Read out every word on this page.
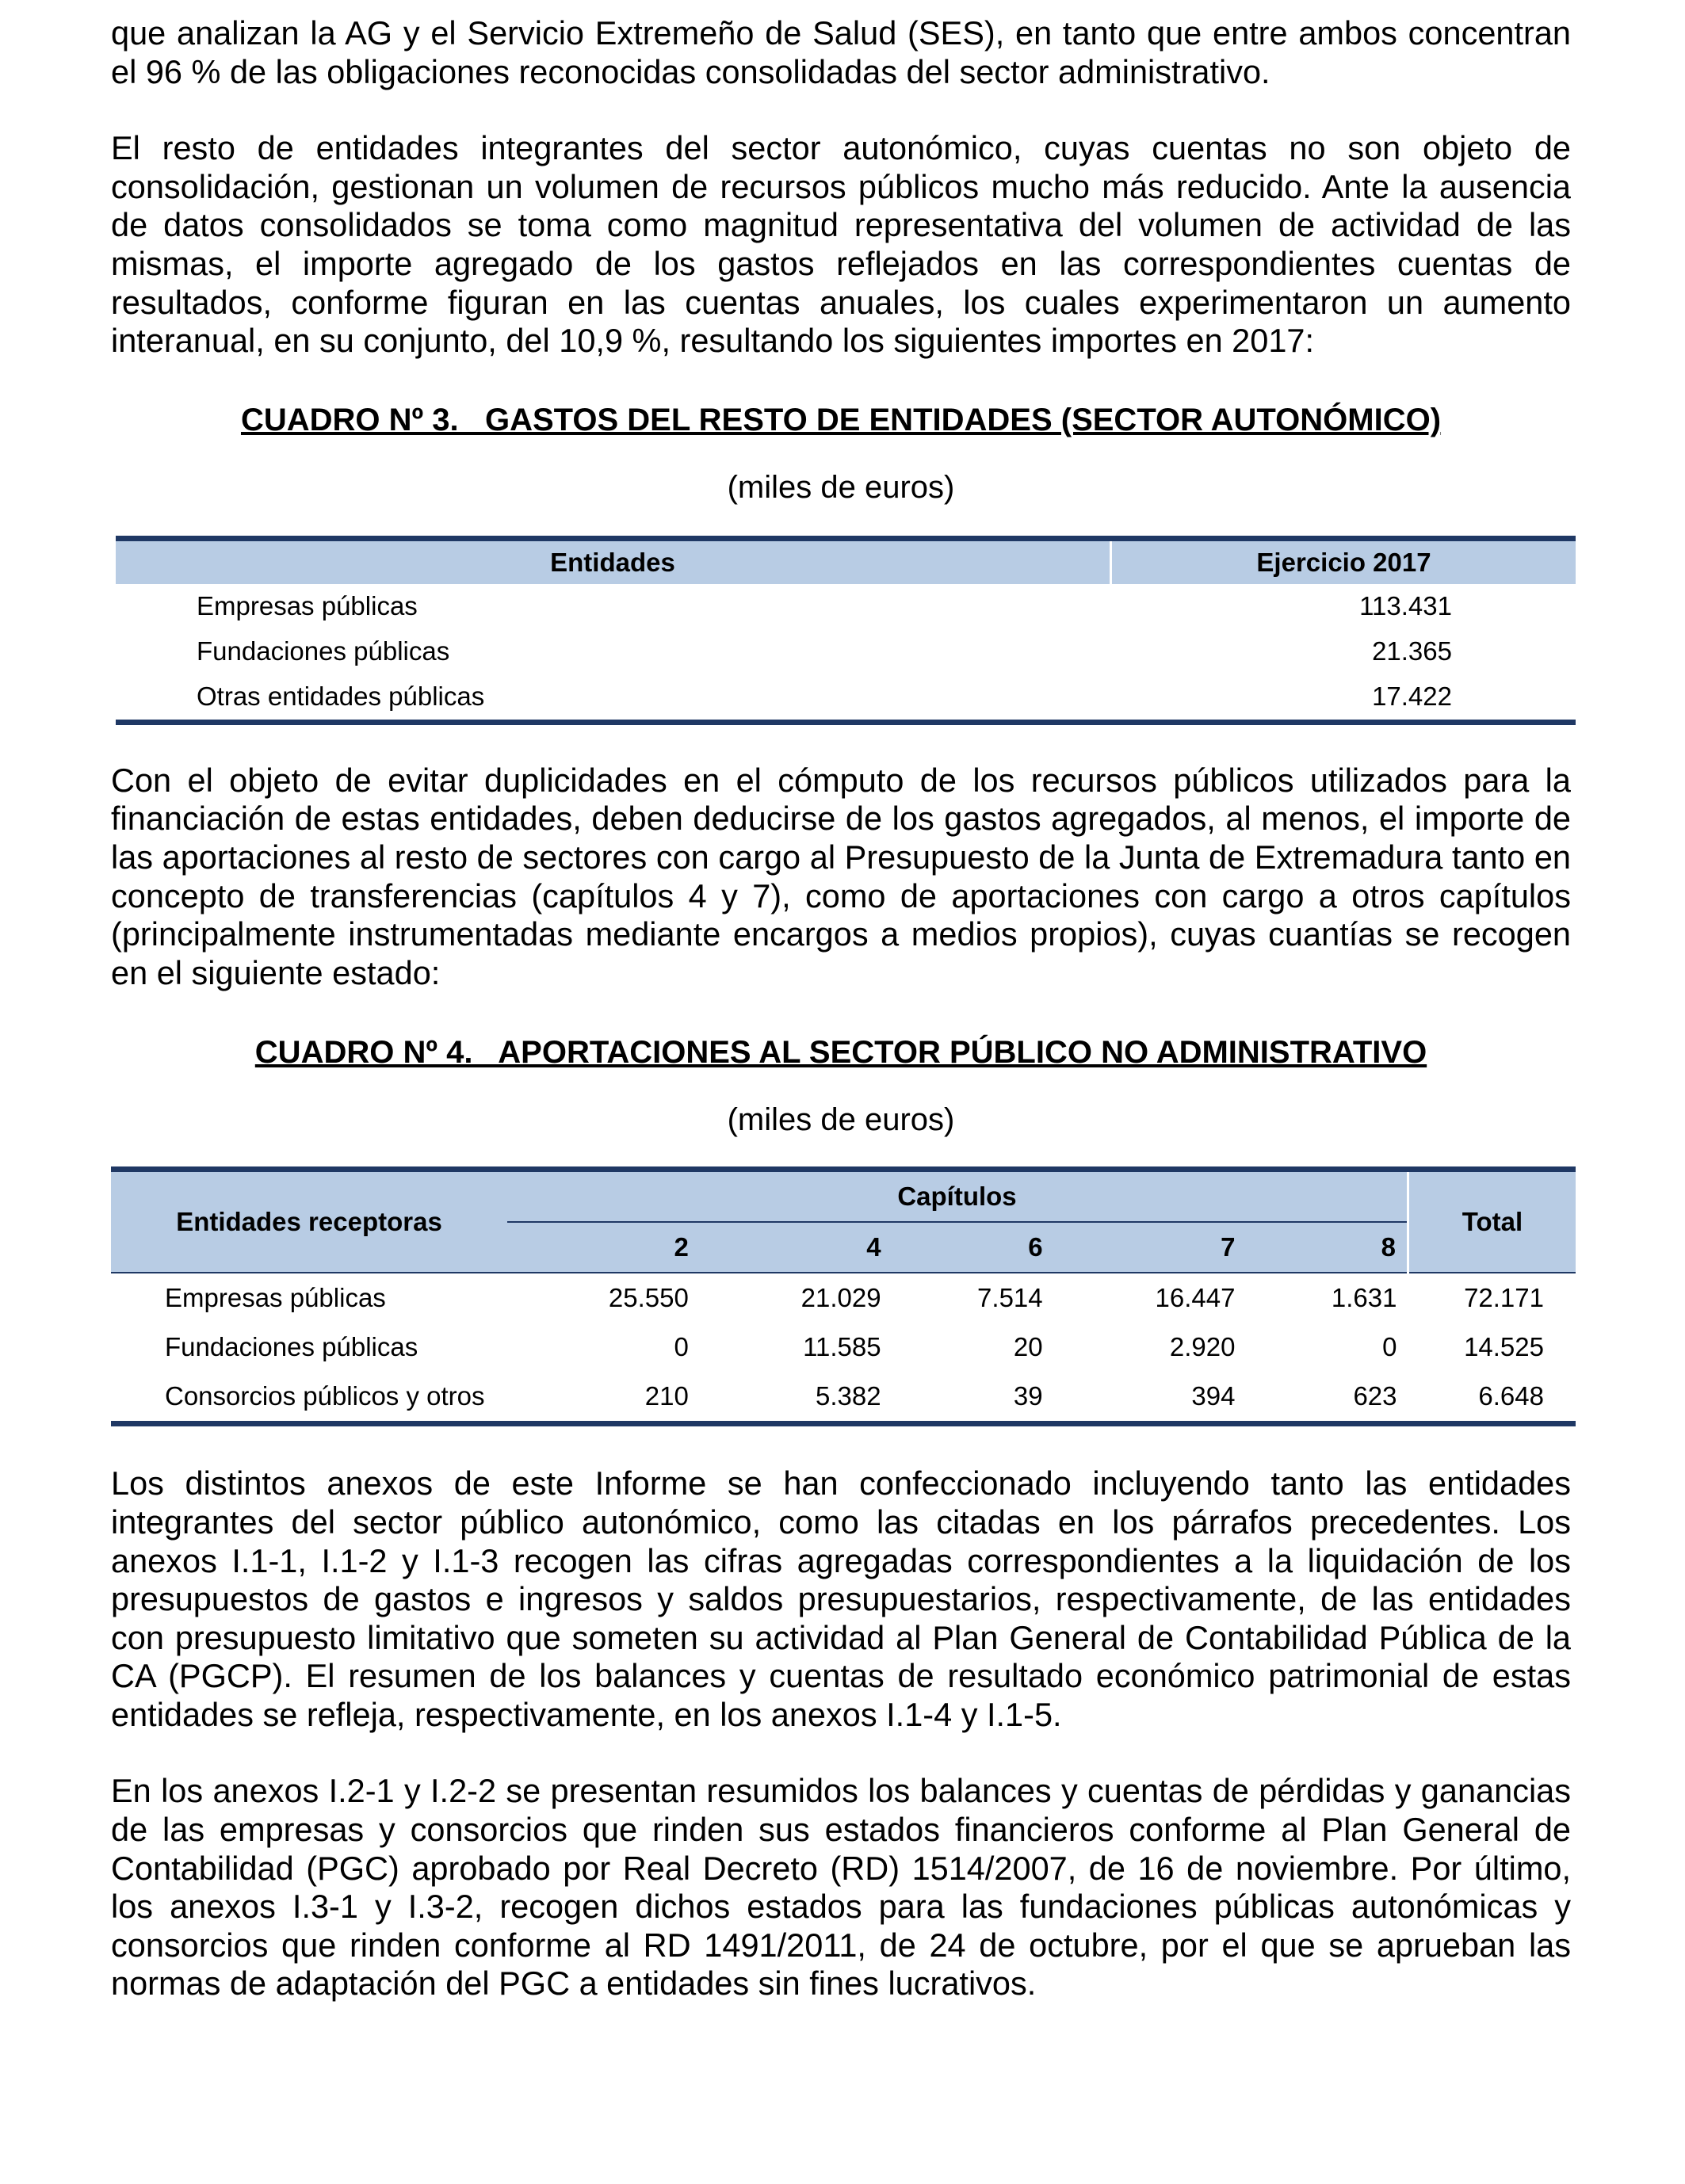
que analizan la AG y el Servicio Extremeño de Salud (SES), en tanto que entre ambos concentran el 96 % de las obligaciones reconocidas consolidadas del sector administrativo.

El resto de entidades integrantes del sector autonómico, cuyas cuentas no son objeto de consolidación, gestionan un volumen de recursos públicos mucho más reducido. Ante la ausencia de datos consolidados se toma como magnitud representativa del volumen de actividad de las mismas, el importe agregado de los gastos reflejados en las correspondientes cuentas de resultados, conforme figuran en las cuentas anuales, los cuales experimentaron un aumento interanual, en su conjunto, del 10,9 %, resultando los siguientes importes en 2017:

CUADRO Nº 3.   GASTOS DEL RESTO DE ENTIDADES (SECTOR AUTONÓMICO)

(miles de euros)

Entidades	Ejercicio 2017
Empresas públicas	113.431
Fundaciones públicas	21.365
Otras entidades públicas	17.422

Con el objeto de evitar duplicidades en el cómputo de los recursos públicos utilizados para la financiación de estas entidades, deben deducirse de los gastos agregados, al menos, el importe de las aportaciones al resto de sectores con cargo al Presupuesto de la Junta de Extremadura tanto en concepto de transferencias (capítulos 4 y 7), como de aportaciones con cargo a otros capítulos (principalmente instrumentadas mediante encargos a medios propios), cuyas cuantías se recogen en el siguiente estado:

CUADRO Nº 4.   APORTACIONES AL SECTOR PÚBLICO NO ADMINISTRATIVO

(miles de euros)

Entidades receptoras	Capítulos					Total
	2	4	6	7	8	
Empresas públicas	25.550	21.029	7.514	16.447	1.631	72.171
Fundaciones públicas	0	11.585	20	2.920	0	14.525
Consorcios públicos y otros	210	5.382	39	394	623	6.648

Los distintos anexos de este Informe se han confeccionado incluyendo tanto las entidades integrantes del sector público autonómico, como las citadas en los párrafos precedentes. Los anexos I.1-1, I.1-2 y I.1-3 recogen las cifras agregadas correspondientes a la liquidación de los presupuestos de gastos e ingresos y saldos presupuestarios, respectivamente, de las entidades con presupuesto limitativo que someten su actividad al Plan General de Contabilidad Pública de la CA (PGCP). El resumen de los balances y cuentas de resultado económico patrimonial de estas entidades se refleja, respectivamente, en los anexos I.1-4 y I.1-5.

En los anexos I.2-1 y I.2-2 se presentan resumidos los balances y cuentas de pérdidas y ganancias de las empresas y consorcios que rinden sus estados financieros conforme al Plan General de Contabilidad (PGC) aprobado por Real Decreto (RD) 1514/2007, de 16 de noviembre. Por último, los anexos I.3-1 y I.3-2, recogen dichos estados para las fundaciones públicas autonómicas y consorcios que rinden conforme al RD 1491/2011, de 24 de octubre, por el que se aprueban las normas de adaptación del PGC a entidades sin fines lucrativos.
